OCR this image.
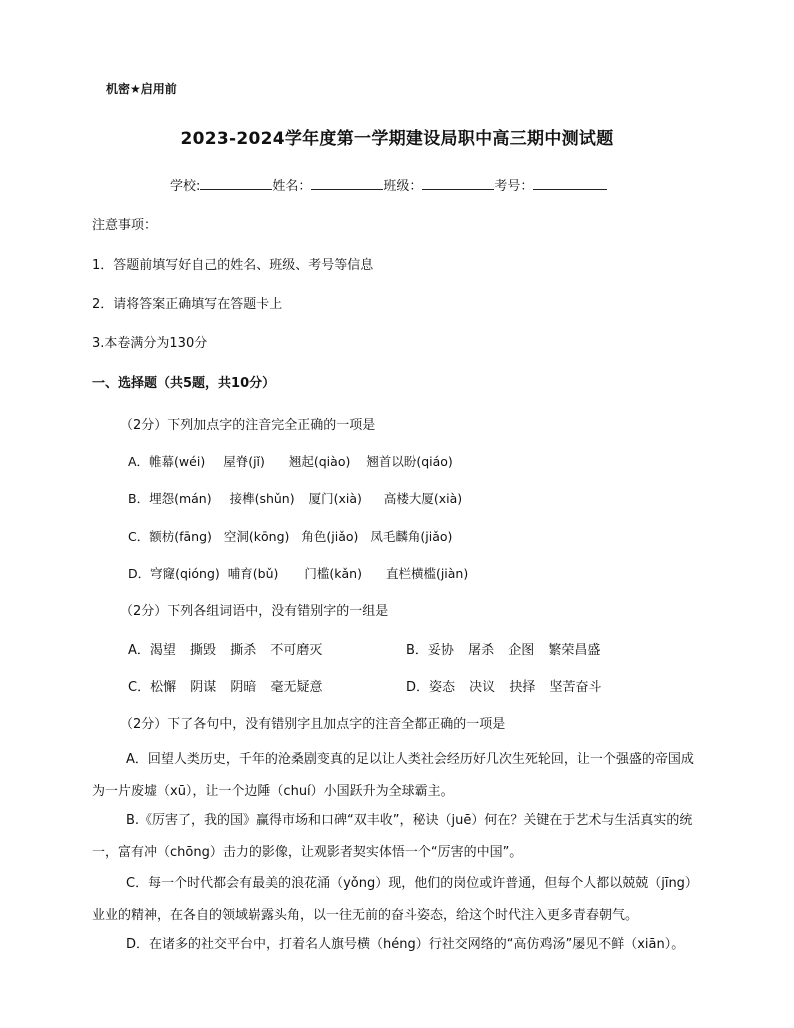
机密★启用前
2023-2024学年度第一学期建设局职中高三期中测试题
学校:	姓名：	班级：	考号：
注意事项：
1．答题前填写好自己的姓名、班级、考号等信息
2．请将答案正确填写在答题卡上
3.本卷满分为130分
一、选择题（共5题，共10分）
（2分）下列加点字的注音完全正确的一项是
A．帷幕(wéi) 屋脊(jǐ) 翘起(qiào) 翘首以盼(qiáo)
B．埋怨(mán) 接榫(shǔn) 厦门(xià) 高楼大厦(xià)
C．额枋(fāng) 空洞(kōng) 角色(jiǎo) 凤毛麟角(jiǎo)
D．穹窿(qióng) 哺育(bǔ) 门槛(kǎn) 直栏横槛(jiàn)
（2分）下列各组词语中，没有错别字的一组是
A．渴望 撕毁 撕杀 不可磨灭	B．妥协 屠杀 企图 繁荣昌盛
C．松懈 阴谋 阴暗 毫无疑意	D．姿态 决议 抉择 坚苦奋斗
（2分）下了各句中，没有错别字且加点字的注音全都正确的一项是
A．回望人类历史，千年的沧桑剧变真的足以让人类社会经历好几次生死轮回，让一个强盛的帝国成为一片废墟（xū），让一个边陲（chuí）小国跃升为全球霸主。
B.《厉害了，我的国》赢得市场和口碑“双丰收”，秘诀（juē）何在？关键在于艺术与生活真实的统一，富有冲（chōng）击力的影像，让观影者契实体悟一个“厉害的中国”。
C．每一个时代都会有最美的浪花涌（yǒng）现，他们的岗位或许普通，但每个人都以兢兢（jīng）业业的精神，在各自的领域崭露头角，以一往无前的奋斗姿态，给这个时代注入更多青春朝气。
D．在诸多的社交平台中，打着名人旗号横（héng）行社交网络的“高仿鸡汤”屡见不鲜（xiān）。
